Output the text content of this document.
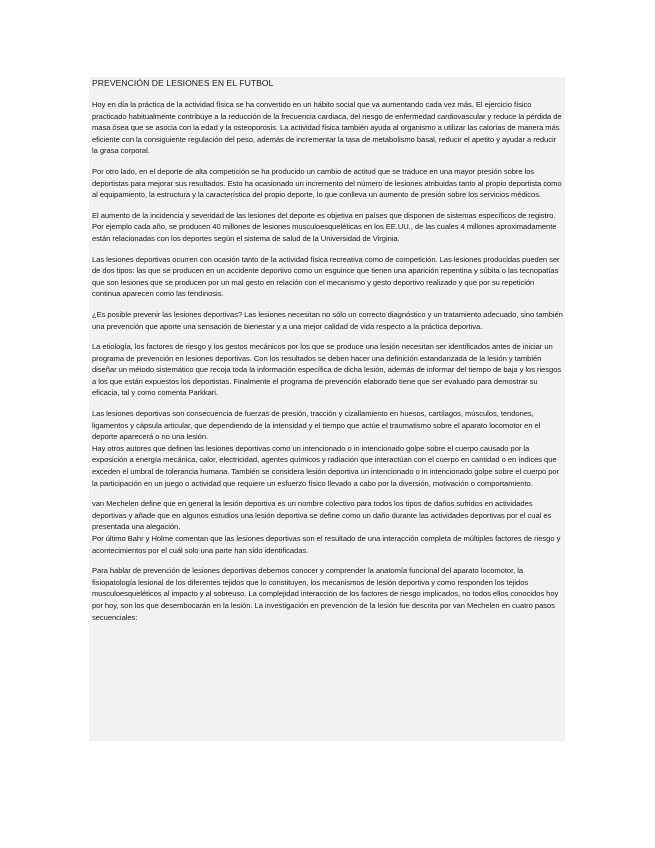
PREVENCIÓN DE LESIONES EN EL FUTBOL

Hoy en día la práctica de la actividad física se ha convertido en un hábito social que va aumentando cada vez más. El ejercicio físico practicado habitualmente contribuye a la reducción de la frecuencia cardiaca, del riesgo de enfermedad cardiovascular y reduce la pérdida de masa ósea que se asocia con la edad y la osteoporosis. La actividad física también ayuda al organismo a utilizar las calorías de manera más eficiente con la consiguiente regulación del peso, además de incrementar la tasa de metabolismo basal, reducir el apetito y ayudar a reducir la grasa corporal.

Por otro lado, en el deporte de alta competición se ha producido un cambio de actitud que se traduce en una mayor presión sobre los deportistas para mejorar sus resultados. Esto ha ocasionado un incremento del número de lesiones atribuidas tanto al propio deportista como al equipamiento, la estructura y la característica del propio deporte, lo que conlleva un aumento de presión sobre los servicios médicos.

El aumento de la incidencia y severidad de las lesiones del deporte es objetiva en países que disponen de sistemas específicos de registro. Por ejemplo cada año, se producen 40 millones de lesiones musculoesqueléticas en los EE.UU., de las cuales 4 millones aproximadamente están relacionadas con los deportes según el sistema de salud de la Universidad de Virginia.

Las lesiones deportivas ocurren con ocasión tanto de la actividad física recreativa como de competición. Las lesiones producidas pueden ser de dos tipos: las que se producen en un accidente deportivo como un esguince que tienen una aparición repentina y súbita o las tecnopatías que son lesiones que se producen por un mal gesto en relación con el mecanismo y gesto deportivo realizado y que por su repetición continua aparecen como las tendinosis.

¿Es posible prevenir las lesiones deportivas? Las lesiones necesitan no sólo un correcto diagnóstico y un tratamiento adecuado, sino también una prevención que aporte una sensación de bienestar y a una mejor calidad de vida respecto a la práctica deportiva.

La etiología, los factores de riesgo y los gestos mecánicos por los que se produce una lesión necesitan ser identificados antes de iniciar un programa de prevención en lesiones deportivas. Con los resultados se deben hacer una definición estandarizada de la lesión y también diseñar un método sistemático que recoja toda la información específica de dicha lesión, además de informar del tiempo de baja y los riesgos a los que están expuestos los deportistas. Finalmente el programa de prevención elaborado tiene que ser evaluado para demostrar su eficacia, tal y como comenta Parkkari.

Las lesiones deportivas son consecuencia de fuerzas de presión, tracción y cizallamiento en huesos, cartílagos, músculos, tendones, ligamentos y cápsula articular, que dependiendo de la intensidad y el tiempo que actúe el traumatismo sobre el aparato locomotor en el deporte aparecerá o no una lesión.

Hay otros autores que definen las lesiones deportivas como un intencionado o in intencionado golpe sobre el cuerpo causado por la exposición a energía mecánica, calor, electricidad, agentes químicos y radiación que interactúan con el cuerpo en cantidad o en índices que exceden el umbral de tolerancia humana. También se considera lesión deportiva un intencionado o in intencionado golpe sobre el cuerpo por la participación en un juego o actividad que requiere un esfuerzo físico llevado a cabo por la diversión, motivación o comportamiento.

van Mechelen define que en general la lesión deportiva es un nombre colectivo para todos los tipos de daños sufridos en actividades deportivas y añade que en algunos estudios una lesión deportiva se define como un daño durante las actividades deportivas por el cual es presentada una alegación.

Por último Bahr y Holme comentan que las lesiones deportivas son el resultado de una interacción completa de múltiples factores de riesgo y acontecimientos por el cuál solo una parte han sido identificadas.

Para hablar de prevención de lesiones deportivas debemos conocer y comprender la anatomía funcional del aparato locomotor, la fisiopatología lesional de los diferentes tejidos que lo constituyen, los mecanismos de lesión deportiva y como responden los tejidos musculoesqueléticos al impacto y al sobreuso. La complejidad interacción de los factores de riesgo implicados, no todos ellos conocidos hoy por hoy, son los que desembocarán en la lesión. La investigación en prevención de la lesión fue descrita por van Mechelen en cuatro pasos secuenciales:
